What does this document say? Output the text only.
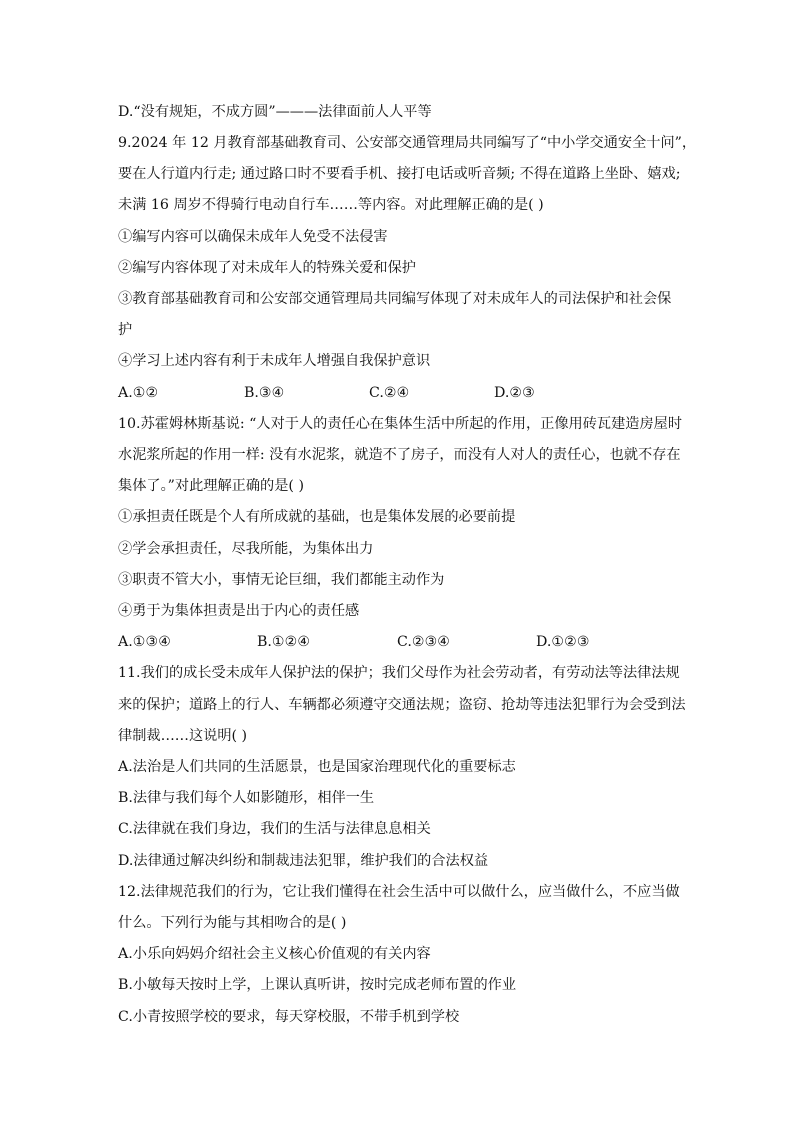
D.“没有规矩，不成方圆”———法律面前人人平等
9.2024 年 12 月教育部基础教育司、公安部交通管理局共同编写了“中小学交通安全十问”，
要在人行道内行走; 通过路口时不要看手机、接打电话或听音频; 不得在道路上坐卧、嬉戏;
未满 16 周岁不得骑行电动自行车……等内容。对此理解正确的是( )
①编写内容可以确保未成年人免受不法侵害
②编写内容体现了对未成年人的特殊关爱和保护
③教育部基础教育司和公安部交通管理局共同编写体现了对未成年人的司法保护和社会保
护
④学习上述内容有利于未成年人增强自我保护意识
A.①②	B.③④	C.②④	D.②③
10.苏霍姆林斯基说: “人对于人的责任心在集体生活中所起的作用，正像用砖瓦建造房屋时
水泥浆所起的作用一样: 没有水泥浆，就造不了房子，而没有人对人的责任心，也就不存在
集体了。”对此理解正确的是( )
①承担责任既是个人有所成就的基础，也是集体发展的必要前提
②学会承担责任，尽我所能，为集体出力
③职责不管大小，事情无论巨细，我们都能主动作为
④勇于为集体担责是出于内心的责任感
A.①③④	B.①②④	C.②③④	D.①②③
11.我们的成长受未成年人保护法的保护；我们父母作为社会劳动者，有劳动法等法律法规
来的保护；道路上的行人、车辆都必须遵守交通法规；盗窃、抢劫等违法犯罪行为会受到法
律制裁……这说明( )
A.法治是人们共同的生活愿景，也是国家治理现代化的重要标志
B.法律与我们每个人如影随形，相伴一生
C.法律就在我们身边，我们的生活与法律息息相关
D.法律通过解决纠纷和制裁违法犯罪，维护我们的合法权益
12.法律规范我们的行为，它让我们懂得在社会生活中可以做什么，应当做什么，不应当做
什么。下列行为能与其相吻合的是( )
A.小乐向妈妈介绍社会主义核心价值观的有关内容
B.小敏每天按时上学，上课认真听讲，按时完成老师布置的作业
C.小青按照学校的要求，每天穿校服，不带手机到学校
